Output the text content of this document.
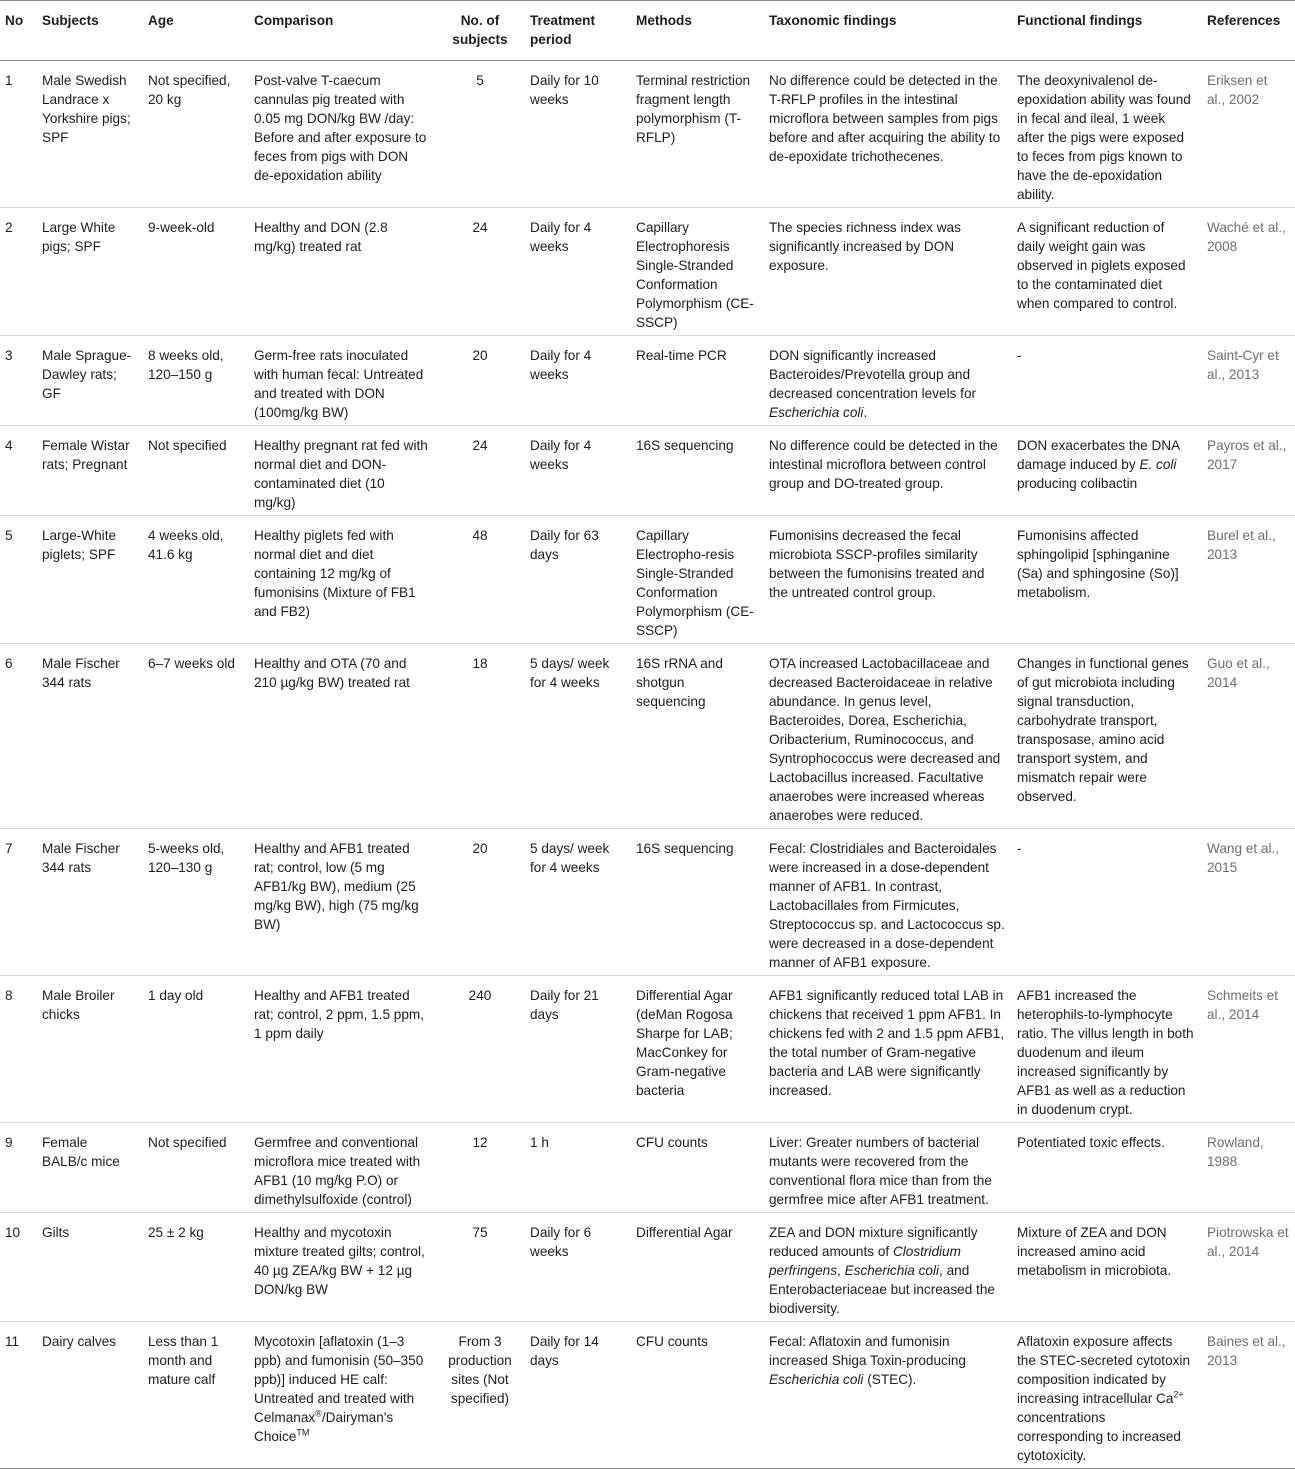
No	Subjects	Age	Comparison	No. of subjects	Treatment period	Methods	Taxonomic findings	Functional findings	References
1	Male Swedish Landrace x Yorkshire pigs; SPF	Not specified, 20 kg	Post-valve T-caecum cannulas pig treated with 0.05 mg DON/kg BW /day: Before and after exposure to feces from pigs with DON de-epoxidation ability	5	Daily for 10 weeks	Terminal restriction fragment length polymorphism (T-RFLP)	No difference could be detected in the T-RFLP profiles in the intestinal microflora between samples from pigs before and after acquiring the ability to de-epoxidate trichothecenes.	The deoxynivalenol de-epoxidation ability was found in fecal and ileal, 1 week after the pigs were exposed to feces from pigs known to have the de-epoxidation ability.	Eriksen et al., 2002
2	Large White pigs; SPF	9-week-old	Healthy and DON (2.8 mg/kg) treated rat	24	Daily for 4 weeks	Capillary Electrophoresis Single-Stranded Conformation Polymorphism (CE-SSCP)	The species richness index was significantly increased by DON exposure.	A significant reduction of daily weight gain was observed in piglets exposed to the contaminated diet when compared to control.	Waché et al., 2008
3	Male Sprague-Dawley rats; GF	8 weeks old, 120–150 g	Germ-free rats inoculated with human fecal: Untreated and treated with DON (100mg/kg BW)	20	Daily for 4 weeks	Real-time PCR	DON significantly increased Bacteroides/Prevotella group and decreased concentration levels for Escherichia coli.	-	Saint-Cyr et al., 2013
4	Female Wistar rats; Pregnant	Not specified	Healthy pregnant rat fed with normal diet and DON-contaminated diet (10 mg/kg)	24	Daily for 4 weeks	16S sequencing	No difference could be detected in the intestinal microflora between control group and DO-treated group.	DON exacerbates the DNA damage induced by E. coli producing colibactin	Payros et al., 2017
5	Large-White piglets; SPF	4 weeks old, 41.6 kg	Healthy piglets fed with normal diet and diet containing 12 mg/kg of fumonisins (Mixture of FB1 and FB2)	48	Daily for 63 days	Capillary Electropho-resis Single-Stranded Conformation Polymorphism (CE-SSCP)	Fumonisins decreased the fecal microbiota SSCP-profiles similarity between the fumonisins treated and the untreated control group.	Fumonisins affected sphingolipid [sphinganine (Sa) and sphingosine (So)] metabolism.	Burel et al., 2013
6	Male Fischer 344 rats	6–7 weeks old	Healthy and OTA (70 and 210 µg/kg BW) treated rat	18	5 days/ week for 4 weeks	16S rRNA and shotgun sequencing	OTA increased Lactobacillaceae and decreased Bacteroidaceae in relative abundance. In genus level, Bacteroides, Dorea, Escherichia, Oribacterium, Ruminococcus, and Syntrophococcus were decreased and Lactobacillus increased. Facultative anaerobes were increased whereas anaerobes were reduced.	Changes in functional genes of gut microbiota including signal transduction, carbohydrate transport, transposase, amino acid transport system, and mismatch repair were observed.	Guo et al., 2014
7	Male Fischer 344 rats	5-weeks old, 120–130 g	Healthy and AFB1 treated rat; control, low (5 mg AFB1/kg BW), medium (25 mg/kg BW), high (75 mg/kg BW)	20	5 days/ week for 4 weeks	16S sequencing	Fecal: Clostridiales and Bacteroidales were increased in a dose-dependent manner of AFB1. In contrast, Lactobacillales from Firmicutes, Streptococcus sp. and Lactococcus sp. were decreased in a dose-dependent manner of AFB1 exposure.	-	Wang et al., 2015
8	Male Broiler chicks	1 day old	Healthy and AFB1 treated rat; control, 2 ppm, 1.5 ppm, 1 ppm daily	240	Daily for 21 days	Differential Agar (deMan Rogosa Sharpe for LAB; MacConkey for Gram-negative bacteria	AFB1 significantly reduced total LAB in chickens that received 1 ppm AFB1. In chickens fed with 2 and 1.5 ppm AFB1, the total number of Gram-negative bacteria and LAB were significantly increased.	AFB1 increased the heterophils-to-lymphocyte ratio. The villus length in both duodenum and ileum increased significantly by AFB1 as well as a reduction in duodenum crypt.	Schmeits et al., 2014
9	Female BALB/c mice	Not specified	Germfree and conventional microflora mice treated with AFB1 (10 mg/kg P.O) or dimethylsulfoxide (control)	12	1 h	CFU counts	Liver: Greater numbers of bacterial mutants were recovered from the conventional flora mice than from the germfree mice after AFB1 treatment.	Potentiated toxic effects.	Rowland, 1988
10	Gilts	25 ± 2 kg	Healthy and mycotoxin mixture treated gilts; control, 40 µg ZEA/kg BW + 12 µg DON/kg BW	75	Daily for 6 weeks	Differential Agar	ZEA and DON mixture significantly reduced amounts of Clostridium perfringens, Escherichia coli, and Enterobacteriaceae but increased the biodiversity.	Mixture of ZEA and DON increased amino acid metabolism in microbiota.	Piotrowska et al., 2014
11	Dairy calves	Less than 1 month and mature calf	Mycotoxin [aflatoxin (1–3 ppb) and fumonisin (50–350 ppb)] induced HE calf: Untreated and treated with Celmanax®/Dairyman's Choice™	From 3 production sites (Not specified)	Daily for 14 days	CFU counts	Fecal: Aflatoxin and fumonisin increased Shiga Toxin-producing Escherichia coli (STEC).	Aflatoxin exposure affects the STEC-secreted cytotoxin composition indicated by increasing intracellular $Ca^{2+}$ concentrations corresponding to increased cytotoxicity.	Baines et al., 2013
